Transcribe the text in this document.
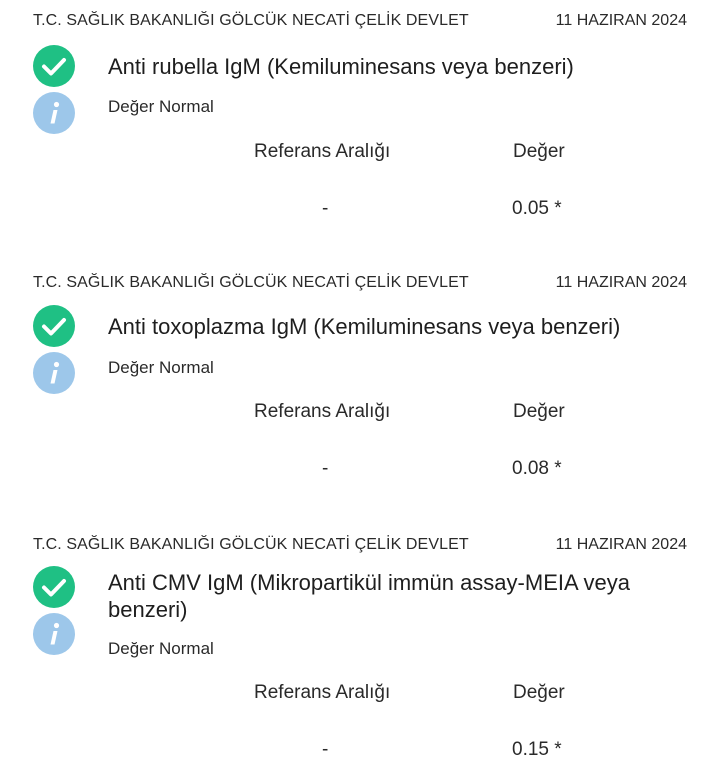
T.C. SAĞLIK BAKANLIĞI GÖLCÜK NECATİ ÇELİK DEVLET	11 HAZIRAN 2024
Anti rubella IgM (Kemiluminesans veya benzeri)
Değer Normal
Referans Aralığı	Değer
-	0.05 *
T.C. SAĞLIK BAKANLIĞI GÖLCÜK NECATİ ÇELİK DEVLET	11 HAZIRAN 2024
Anti toxoplazma IgM (Kemiluminesans veya benzeri)
Değer Normal
Referans Aralığı	Değer
-	0.08 *
T.C. SAĞLIK BAKANLIĞI GÖLCÜK NECATİ ÇELİK DEVLET	11 HAZIRAN 2024
Anti CMV IgM (Mikropartikül immün assay-MEIA veya benzeri)
Değer Normal
Referans Aralığı	Değer
-	0.15 *
